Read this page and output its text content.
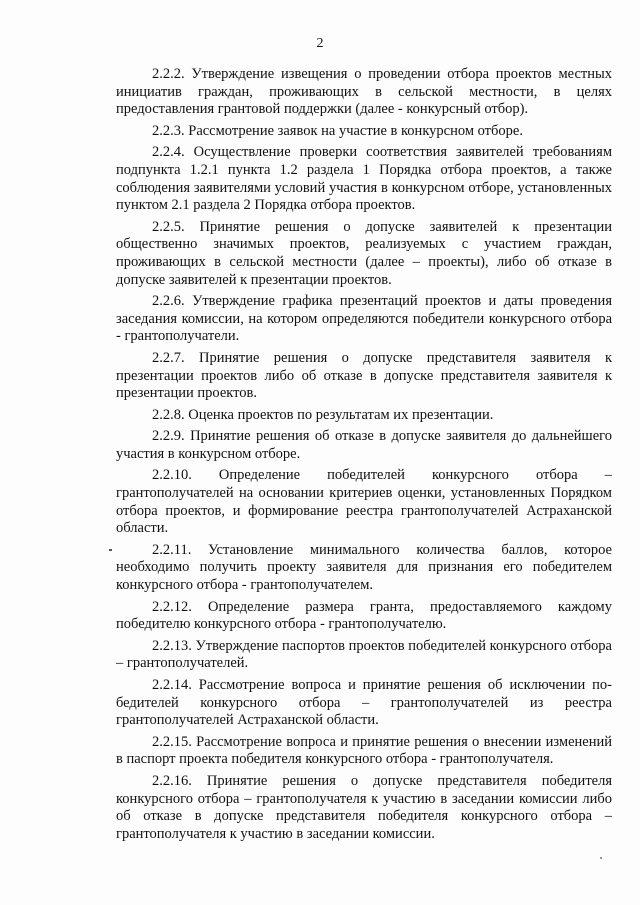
2

2.2.2. Утверждение извещения о проведении отбора проектов местных инициатив граждан, проживающих в сельской местности, в целях предоставления грантовой поддержки (далее - конкурсный отбор).

2.2.3. Рассмотрение заявок на участие в конкурсном отборе.

2.2.4. Осуществление проверки соответствия заявителей требованиям подпункта 1.2.1 пункта 1.2 раздела 1 Порядка отбора проектов, а также соблюдения заявителями условий участия в конкурсном отборе, установленных пунктом 2.1 раздела 2 Порядка отбора проектов.

2.2.5. Принятие решения о допуске заявителей к презентации общественно значимых проектов, реализуемых с участием граждан, проживающих в сельской местности (далее – проекты), либо об отказе в допуске заявителей к презентации проектов.

2.2.6. Утверждение графика презентаций проектов и даты проведения заседания комиссии, на котором определяются победители конкурсного отбора - грантополучатели.

2.2.7. Принятие решения о допуске представителя заявителя к презентации проектов либо об отказе в допуске представителя заявителя к презентации проектов.

2.2.8. Оценка проектов по результатам их презентации.

2.2.9. Принятие решения об отказе в допуске заявителя до дальнейшего участия в конкурсном отборе.

2.2.10. Определение победителей конкурсного отбора – грантополучателей на основании критериев оценки, установленных Порядком отбора проектов, и формирование реестра грантополучателей Астраханской области.

2.2.11. Установление минимального количества баллов, которое необходимо получить проекту заявителя для признания его победителем конкурсного отбора - грантополучателем.

2.2.12. Определение размера гранта, предоставляемого каждому победителю конкурсного отбора - грантополучателю.

2.2.13. Утверждение паспортов проектов победителей конкурсного отбора – грантополучателей.

2.2.14. Рассмотрение вопроса и принятие решения об исключении победителей конкурсного отбора – грантополучателей из реестра грантополучателей Астраханской области.

2.2.15. Рассмотрение вопроса и принятие решения о внесении изменений в паспорт проекта победителя конкурсного отбора - грантополучателя.

2.2.16. Принятие решения о допуске представителя победителя конкурсного отбора – грантополучателя к участию в заседании комиссии либо об отказе в допуске представителя победителя конкурсного отбора – грантополучателя к участию в заседании комиссии.
